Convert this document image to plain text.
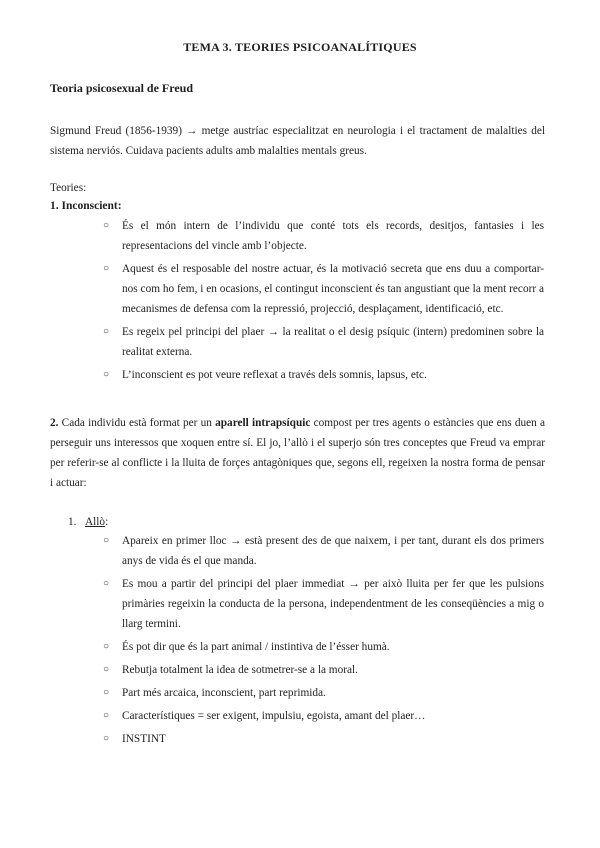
TEMA 3. TEORIES PSICOANALÍTIQUES
Teoria psicosexual de Freud
Sigmund Freud (1856-1939) → metge austríac especialitzat en neurologia i el tractament de malalties del sistema nerviós. Cuidava pacients adults amb malalties mentals greus.
Teories:
1. Inconscient:
○ És el món intern de l’individu que conté tots els records, desitjos, fantasies i les representacions del vincle amb l’objecte.
○ Aquest és el resposable del nostre actuar, és la motivació secreta que ens duu a comportar-nos com ho fem, i en ocasions, el contingut inconscient és tan angustiant que la ment recorr a mecanismes de defensa com la repressió, projecció, desplaçament, identificació, etc.
○ Es regeix pel principi del plaer → la realitat o el desig psíquic (intern) predominen sobre la realitat externa.
○ L’inconscient es pot veure reflexat a través dels somnis, lapsus, etc.
2. Cada individu està format per un aparell intrapsíquic compost per tres agents o estàncies que ens duen a perseguir uns interessos que xoquen entre sí. El jo, l’allò i el superjo són tres conceptes que Freud va emprar per referir-se al conflicte i la lluita de forçes antagòniques que, segons ell, regeixen la nostra forma de pensar i actuar:
1. Allò:
○ Apareix en primer lloc → està present des de que naixem, i per tant, durant els dos primers anys de vida és el que manda.
○ Es mou a partir del principi del plaer immediat → per això lluita per fer que les pulsions primàries regeixin la conducta de la persona, independentment de les conseqüències a mig o llarg termini.
○ És pot dir que és la part animal / instintiva de l’ésser humà.
○ Rebutja totalment la idea de sotmetrer-se a la moral.
○ Part més arcaica, inconscient, part reprimida.
○ Característiques = ser exigent, impulsiu, egoista, amant del plaer…
○ INSTINT
